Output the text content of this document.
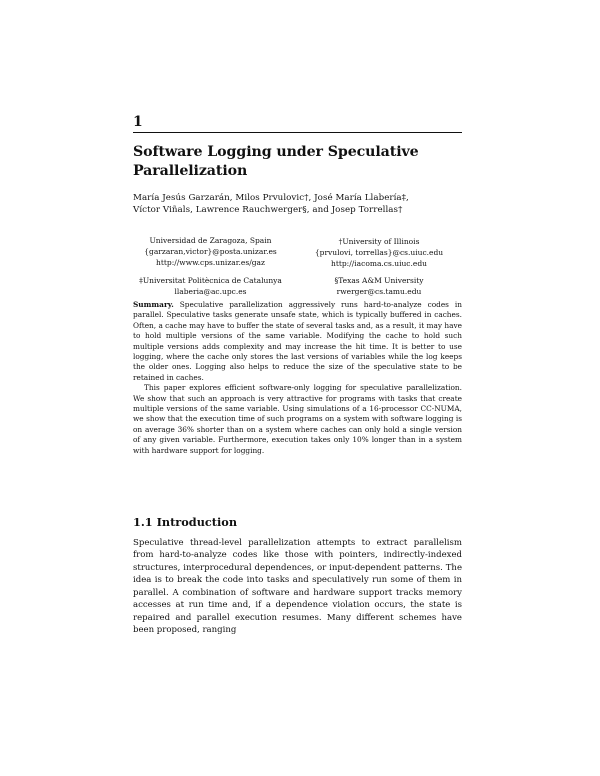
1
Software Logging under Speculative Parallelization
María Jesús Garzarán, Milos Prvulovic†, José María Llabería‡,
Víctor Viñals, Lawrence Rauchwerger§, and Josep Torrellas†
Universidad de Zaragoza, Spain
{garzaran,victor}@posta.unizar.es
http://www.cps.unizar.es/gaz
†University of Illinois
{prvulovi, torrellas}@cs.uiuc.edu
http://iacoma.cs.uiuc.edu
‡Universitat Politècnica de Catalunya
llaberia@ac.upc.es
§Texas A&M University
rwerger@cs.tamu.edu

Summary. Speculative parallelization aggressively runs hard-to-analyze codes in parallel. Speculative tasks generate unsafe state, which is typically buffered in caches. Often, a cache may have to buffer the state of several tasks and, as a result, it may have to hold multiple versions of the same variable. Modifying the cache to hold such multiple versions adds complexity and may increase the hit time. It is better to use logging, where the cache only stores the last versions of variables while the log keeps the older ones. Logging also helps to reduce the size of the speculative state to be retained in caches.

This paper explores efficient software-only logging for speculative parallelization. We show that such an approach is very attractive for programs with tasks that create multiple versions of the same variable. Using simulations of a 16-processor CC-NUMA, we show that the execution time of such programs on a system with software logging is on average 36% shorter than on a system where caches can only hold a single version of any given variable. Furthermore, execution takes only 10% longer than in a system with hardware support for logging.

1.1 Introduction

Speculative thread-level parallelization attempts to extract parallelism from hard-to-analyze codes like those with pointers, indirectly-indexed structures, interprocedural dependences, or input-dependent patterns. The idea is to break the code into tasks and speculatively run some of them in parallel. A combination of software and hardware support tracks memory accesses at run time and, if a dependence violation occurs, the state is repaired and parallel execution resumes. Many different schemes have been proposed, ranging
